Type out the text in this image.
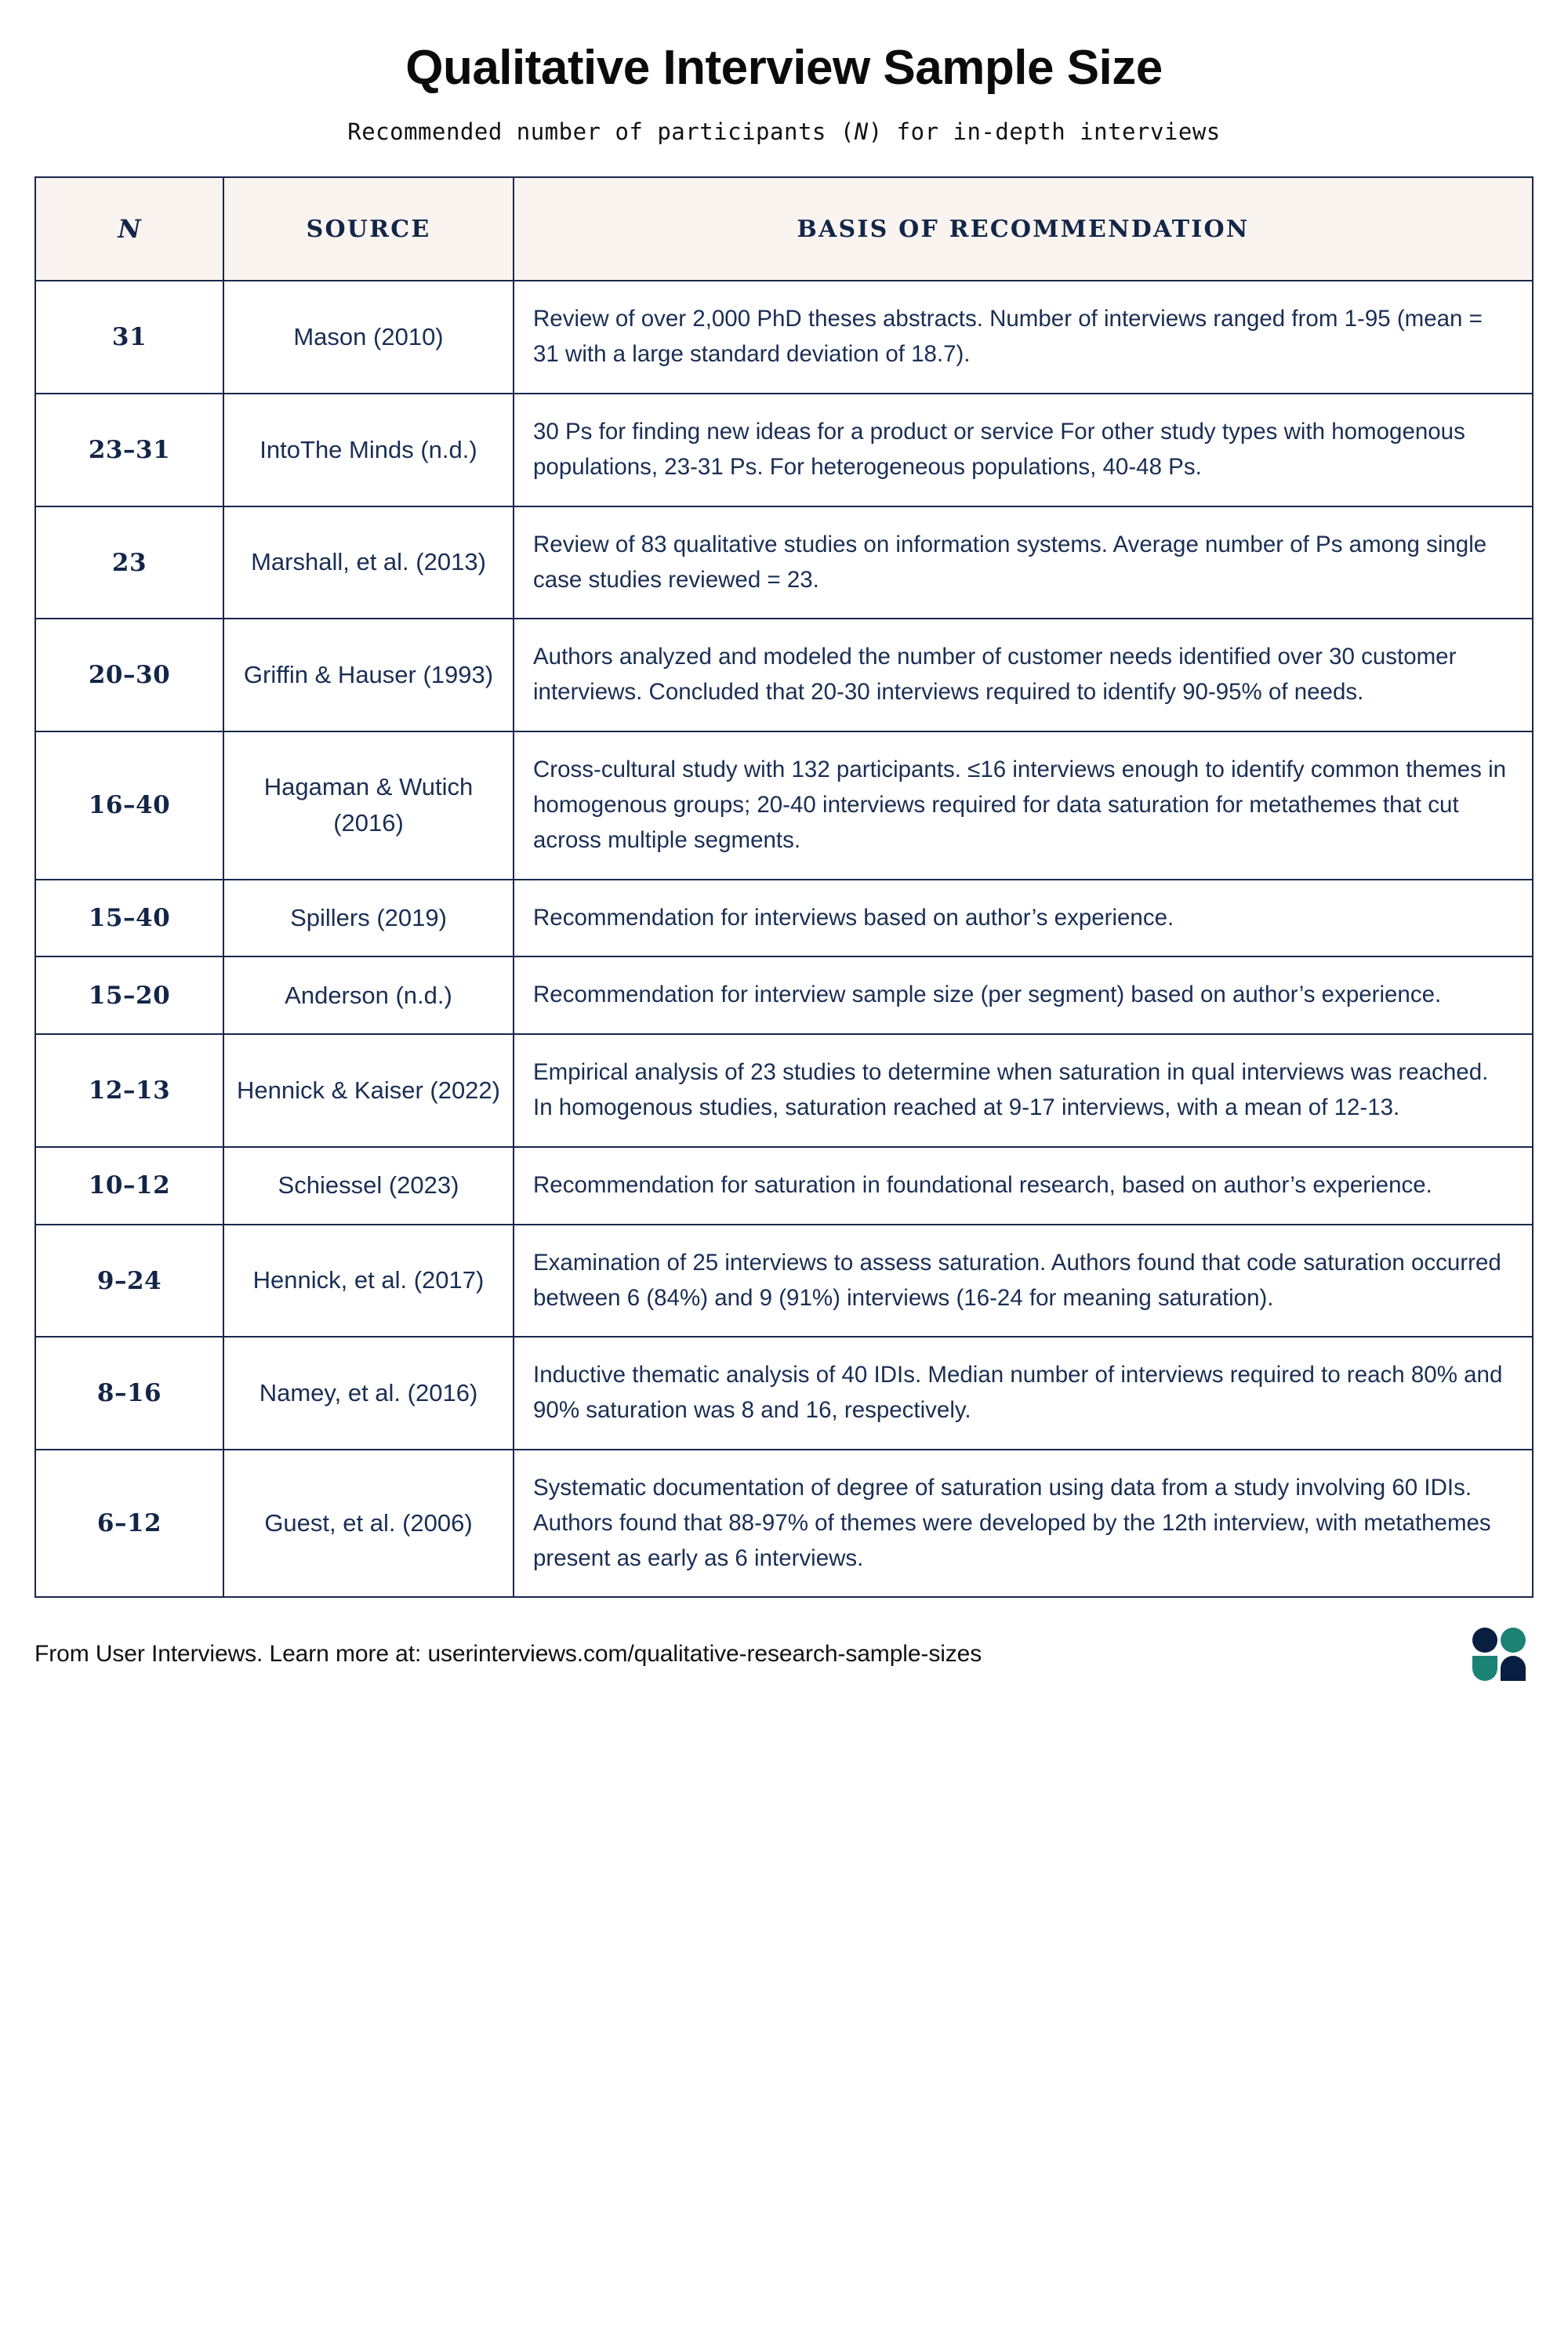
Qualitative Interview Sample Size

Recommended number of participants (N) for in-depth interviews

N	SOURCE	BASIS OF RECOMMENDATION
31	Mason (2010)	Review of over 2,000 PhD theses abstracts. Number of interviews ranged from 1-95 (mean = 31 with a large standard deviation of 18.7).
23–31	IntoThe Minds (n.d.)	30 Ps for finding new ideas for a product or service For other study types with homogenous populations, 23-31 Ps. For heterogeneous populations, 40-48 Ps.
23	Marshall, et al. (2013)	Review of 83 qualitative studies on information systems. Average number of Ps among single case studies reviewed = 23.
20–30	Griffin & Hauser (1993)	Authors analyzed and modeled the number of customer needs identified over 30 customer interviews. Concluded that 20-30 interviews required to identify 90-95% of needs.
16–40	Hagaman & Wutich (2016)	Cross-cultural study with 132 participants. ≤16 interviews enough to identify common themes in homogenous groups; 20-40 interviews required for data saturation for metathemes that cut across multiple segments.
15–40	Spillers (2019)	Recommendation for interviews based on author’s experience.
15–20	Anderson (n.d.)	Recommendation for interview sample size (per segment) based on author’s experience.
12–13	Hennick & Kaiser (2022)	Empirical analysis of 23 studies to determine when saturation in qual interviews was reached. In homogenous studies, saturation reached at 9-17 interviews, with a mean of 12-13.
10–12	Schiessel (2023)	Recommendation for saturation in foundational research, based on author’s experience.
9–24	Hennick, et al. (2017)	Examination of 25 interviews to assess saturation. Authors found that code saturation occurred between 6 (84%) and 9 (91%) interviews (16-24 for meaning saturation).
8–16	Namey, et al. (2016)	Inductive thematic analysis of 40 IDIs. Median number of interviews required to reach 80% and 90% saturation was 8 and 16, respectively.
6–12	Guest, et al. (2006)	Systematic documentation of degree of saturation using data from a study involving 60 IDIs. Authors found that 88-97% of themes were developed by the 12th interview, with metathemes present as early as 6 interviews.
From User Interviews. Learn more at: userinterviews.com/qualitative-research-sample-sizes
